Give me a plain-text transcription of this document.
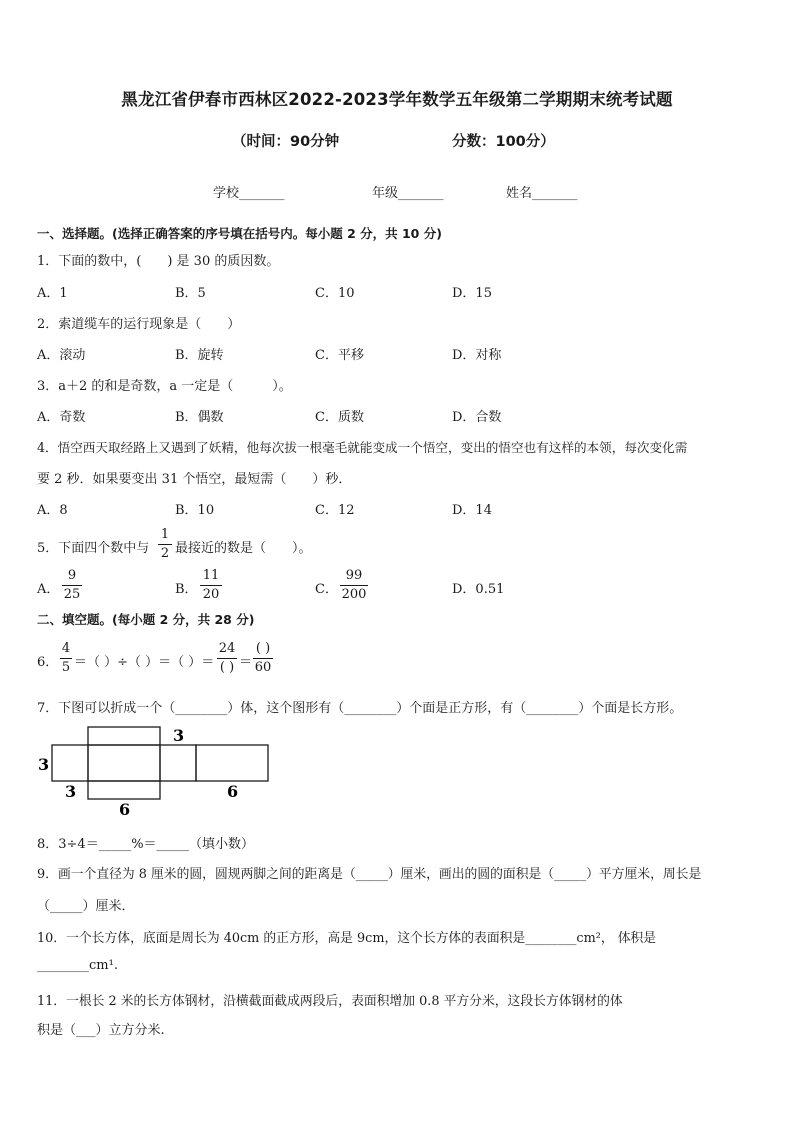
黑龙江省伊春市西林区2022-2023学年数学五年级第二学期期末统考试题
（时间：90分钟	分数：100分）
学校_______	年级_______	姓名_______
一、选择题。(选择正确答案的序号填在括号内。每小题 2 分，共 10 分)
1．下面的数中，(　　) 是 30 的质因数。
A．1	B．5	C．10	D．15
2．索道缆车的运行现象是（　　）
A．滚动	B．旋转	C．平移	D．对称
3．a＋2 的和是奇数，a 一定是（　　　）。
A．奇数	B．偶数	C．质数	D．合数
4．悟空西天取经路上又遇到了妖精，他每次拔一根毫毛就能变成一个悟空，变出的悟空也有这样的本领，每次变化需
要 2 秒．如果要变出 31 个悟空，最短需（　　）秒．
A．8	B．10	C．12	D．14
5．下面四个数中与
1
2 最接近的数是（　　）。
A．
9
25	B．
11
20	C．
99
200	D．0.51
二、填空题。(每小题 2 分，共 28 分)
6．
4
5 ＝（ ）÷（ ）＝（ ）＝
24
( ) ＝
( )
60
7．下图可以折成一个（________）体，这个图形有（________）个面是正方形，有（________）个面是长方形。
3
3
3
6
6
8．3÷4＝_____%＝_____（填小数）
9．画一个直径为 8 厘米的圆，圆规两脚之间的距离是（_____）厘米，画出的圆的面积是（_____）平方厘米，周长是
（_____）厘米．
10．一个长方体，底面是周长为 40cm 的正方形，高是 9cm，这个长方体的表面积是________cm²， 体积是
________cm¹.
11．一根长 2 米的长方体钢材，沿横截面截成两段后，表面积增加 0.8 平方分米，这段长方体钢材的体
积是（___）立方分米.
